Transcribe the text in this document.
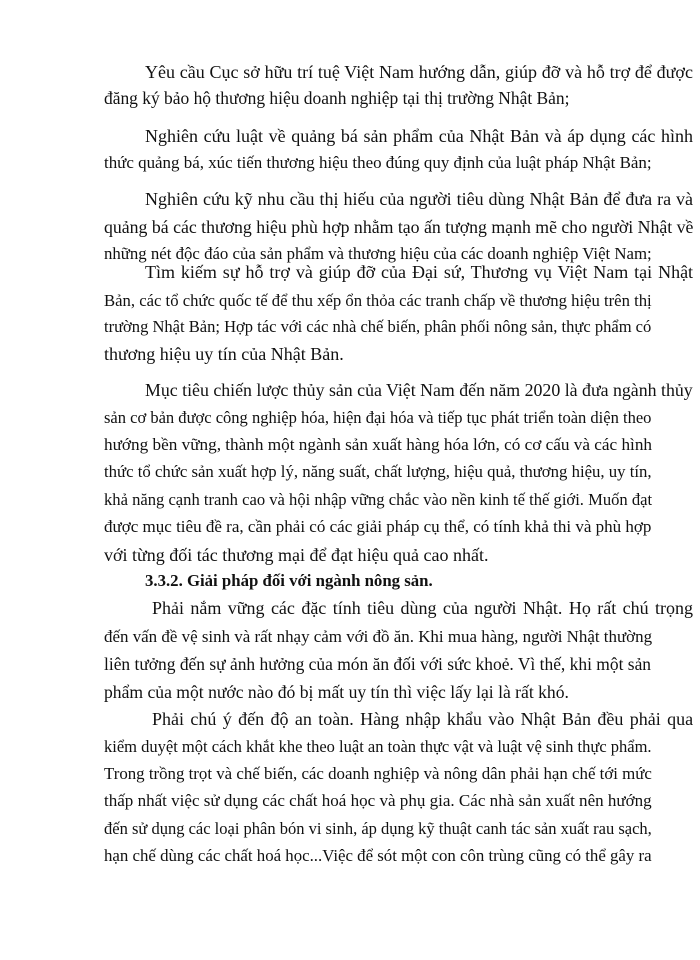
Yêu cầu Cục sở hữu trí tuệ Việt Nam hướng dẫn, giúp đỡ và hỗ trợ để được
đăng ký bảo hộ thương hiệu doanh nghiệp tại thị trường Nhật Bản;
Nghiên cứu luật về quảng bá sản phẩm của Nhật Bản và áp dụng các hình
thức quảng bá, xúc tiến thương hiệu theo đúng quy định của luật pháp Nhật Bản;
Nghiên cứu kỹ nhu cầu thị hiếu của người tiêu dùng Nhật Bản để đưa ra và
quảng bá các thương hiệu phù hợp nhằm tạo ấn tượng mạnh mẽ cho người Nhật về
những nét độc đáo của sản phẩm và thương hiệu của các doanh nghiệp Việt Nam;
Tìm kiếm sự hỗ trợ và giúp đỡ của Đại sứ, Thương vụ Việt Nam tại Nhật
Bản, các tổ chức quốc tế để thu xếp ổn thỏa các tranh chấp về thương hiệu trên thị
trường Nhật Bản; Hợp tác với các nhà chế biến, phân phối nông sản, thực phẩm có
thương hiệu uy tín của Nhật Bản.
Mục tiêu chiến lược thủy sản của Việt Nam đến năm 2020 là đưa ngành thủy
sản cơ bản được công nghiệp hóa, hiện đại hóa và tiếp tục phát triển toàn diện theo
hướng bền vững, thành một ngành sản xuất hàng hóa lớn, có cơ cấu và các hình
thức tổ chức sản xuất hợp lý, năng suất, chất lượng, hiệu quả, thương hiệu, uy tín,
khả năng cạnh tranh cao và hội nhập vững chắc vào nền kinh tế thế giới. Muốn đạt
được mục tiêu đề ra, cần phải có các giải pháp cụ thể, có tính khả thi và phù hợp
với từng đối tác thương mại để đạt hiệu quả cao nhất.
3.3.2. Giải pháp đối với ngành nông sản.
Phải nắm vững các đặc tính tiêu dùng của người Nhật. Họ rất chú trọng
đến vấn đề vệ sinh và rất nhạy cảm với đồ ăn. Khi mua hàng, người Nhật thường
liên tưởng đến sự ảnh hưởng của món ăn đối với sức khoẻ. Vì thế, khi một sản
phẩm của một nước nào đó bị mất uy tín thì việc lấy lại là rất khó.
Phải chú ý đến độ an toàn. Hàng nhập khẩu vào Nhật Bản đều phải qua
kiểm duyệt một cách khắt khe theo luật an toàn thực vật và luật vệ sinh thực phẩm.
Trong trồng trọt và chế biến, các doanh nghiệp và nông dân phải hạn chế tới mức
thấp nhất việc sử dụng các chất hoá học và phụ gia. Các nhà sản xuất nên hướng
đến sử dụng các loại phân bón vi sinh, áp dụng kỹ thuật canh tác sản xuất rau sạch,
hạn chế dùng các chất hoá học...Việc để sót một con côn trùng cũng có thể gây ra
